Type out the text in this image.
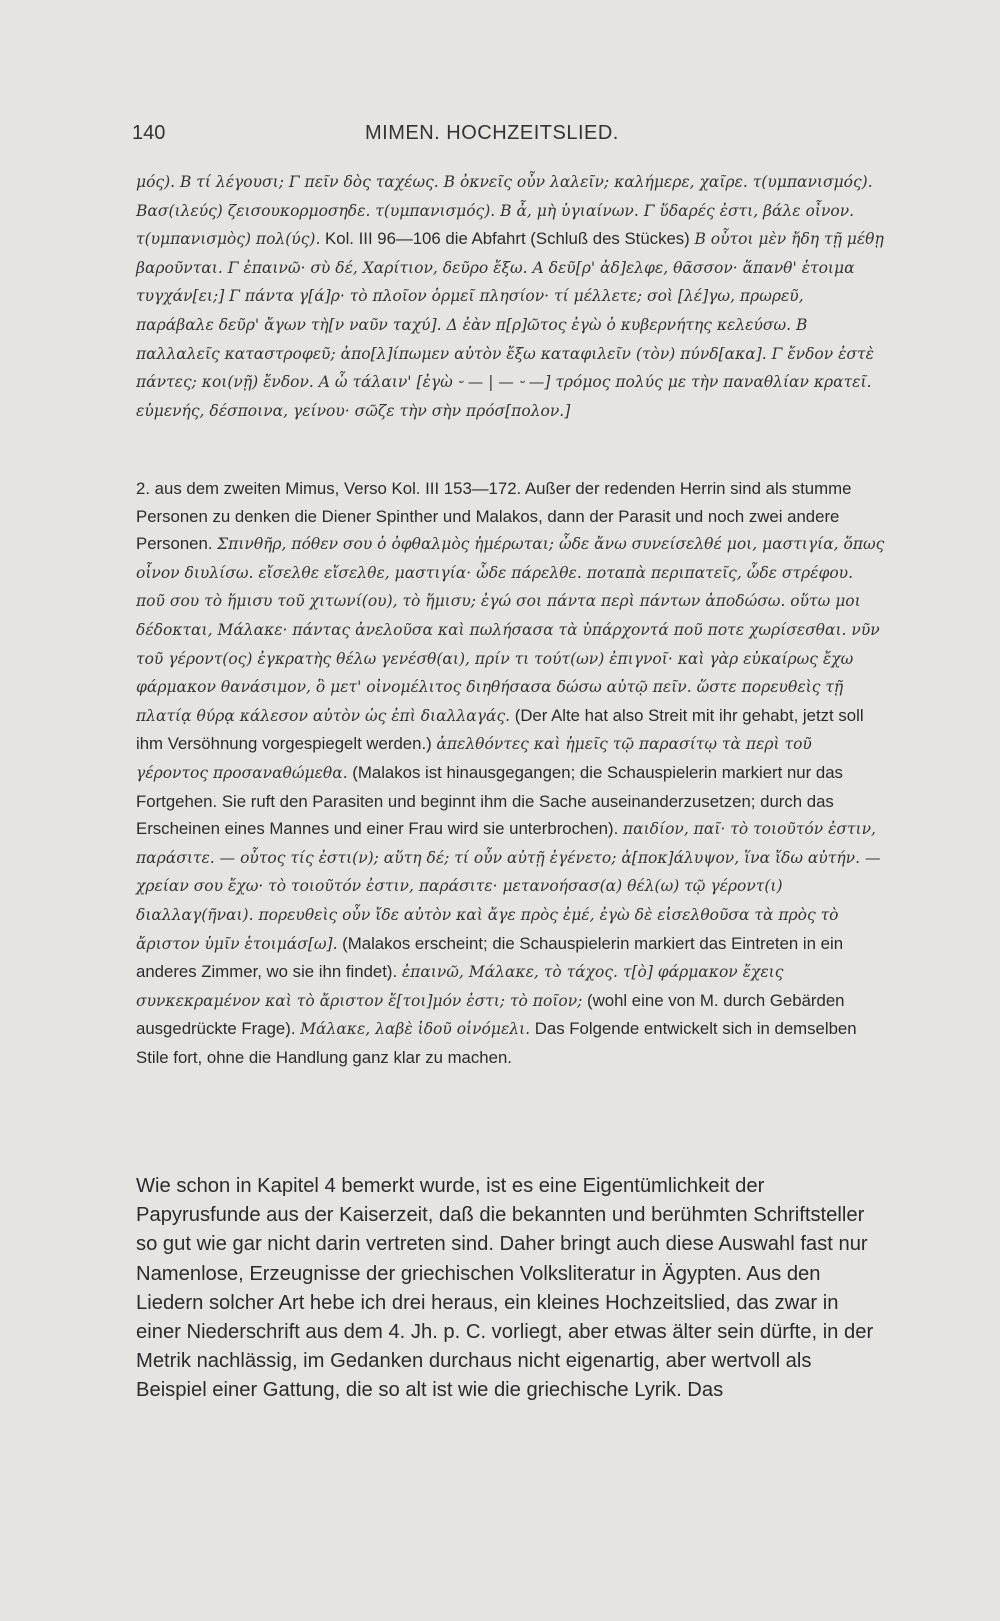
140	MIMEN. HOCHZEITSLIED.

μός). B τί λέγουσι; Γ πεῖν δὸς ταχέως. B ὀκνεῖς οὖν λαλεῖν; καλήμερε, χαῖρε. τ(υμπανισμός). Βασ(ιλεύς) ζεισουκορμοσηδε. τ(υμπανισμός). B ἆ, μὴ ὑγιαίνων. Γ ὕδαρές ἐστι, βάλε οἶνον. τ(υμπανισμὸς) πολ(ύς). Kol. III 96—106 die Abfahrt (Schluß des Stückes) B οὗτοι μὲν ἤδη τῇ μέθῃ βαροῦνται. Γ ἐπαινῶ· σὺ δέ, Χαρίτιον, δεῦρο ἔξω. A δεῦ[ρ' ἀδ]ελφε, θᾶσσον· ἅπανθ' ἑτοιμα τυγχάν[ει;] Γ πάντα γ[ά]ρ· τὸ πλοῖον ὁρμεῖ πλησίον· τί μέλλετε; σοὶ [λέ]γω, πρωρεῦ, παράβαλε δεῦρ' ἄγων τὴ[ν ναῦν ταχύ]. Δ ἐὰν π[ρ]ῶτος ἐγὼ ὁ κυβερνήτης κελεύσω. B παλλαλεῖς καταστροφεῦ; ἀπο[λ]ίπωμεν αὐτὸν ἔξω καταφιλεῖν (τὸν) πύνδ[ακα]. Γ ἔνδον ἐστὲ πάντες; κοι(νῇ) ἔνδον. A ὦ τάλαιν' [ἐγὼ ⏑ — | — ⏑ —] τρόμος πολύς με τὴν παναθλίαν κρατεῖ. εὐμενής, δέσποινα, γείνου· σῶζε τὴν σὴν πρόσ[πολον.]

2. aus dem zweiten Mimus, Verso Kol. III 153—172. Außer der redenden Herrin sind als stumme Personen zu denken die Diener Spinther und Malakos, dann der Parasit und noch zwei andere Personen. Σπινθῆρ, πόθεν σου ὁ ὀφθαλμὸς ἠμέρωται; ὧδε ἄνω συνείσελθέ μοι, μαστιγία, ὅπως οἶνον διυλίσω. εἴσελθε εἴσελθε, μαστιγία· ὧδε πάρελθε. ποταπὰ περιπατεῖς, ὧδε στρέφου. ποῦ σου τὸ ἥμισυ τοῦ χιτωνί(ου), τὸ ἥμισυ; ἐγώ σοι πάντα περὶ πάντων ἀποδώσω. οὕτω μοι δέδοκται, Μάλακε· πάντας ἀνελοῦσα καὶ πωλήσασα τὰ ὑπάρχοντά ποῦ ποτε χωρίσεσθαι. νῦν τοῦ γέροντ(ος) ἐγκρατὴς θέλω γενέσθ(αι), πρίν τι τούτ(ων) ἐπιγνοῖ· καὶ γὰρ εὐκαίρως ἔχω φάρμακον θανάσιμον, ὃ μετ' οἰνομέλιτος διηθήσασα δώσω αὐτῷ πεῖν. ὥστε πορευθεὶς τῇ πλατίᾳ θύρᾳ κάλεσον αὐτὸν ὡς ἐπὶ διαλλαγάς. (Der Alte hat also Streit mit ihr gehabt, jetzt soll ihm Versöhnung vorgespiegelt werden.) ἀπελθόντες καὶ ἡμεῖς τῷ παρασίτῳ τὰ περὶ τοῦ γέροντος προσαναθώμεθα. (Malakos ist hinausgegangen; die Schauspielerin markiert nur das Fortgehen. Sie ruft den Parasiten und beginnt ihm die Sache auseinanderzusetzen; durch das Erscheinen eines Mannes und einer Frau wird sie unterbrochen). παιδίον, παῖ· τὸ τοιοῦτόν ἐστιν, παράσιτε. — οὗτος τίς ἐστι(ν); αὕτη δέ; τί οὖν αὐτῇ ἐγένετο; ἀ[ποκ]άλυψον, ἵνα ἴδω αὐτήν. — χρείαν σου ἔχω· τὸ τοιοῦτόν ἐστιν, παράσιτε· μετανοήσασ(α) θέλ(ω) τῷ γέροντ(ι) διαλλαγ(ῆναι). πορευθεὶς οὖν ἴδε αὐτὸν καὶ ἄγε πρὸς ἐμέ, ἐγὼ δὲ εἰσελθοῦσα τὰ πρὸς τὸ ἄριστον ὑμῖν ἑτοιμάσ[ω]. (Malakos erscheint; die Schauspielerin markiert das Eintreten in ein anderes Zimmer, wo sie ihn findet). ἐπαινῶ, Μάλακε, τὸ τάχος. τ[ὸ] φάρμακον ἔχεις συνκεκραμένον καὶ τὸ ἄριστον ἔ[τοι]μόν ἐστι; τὸ ποῖον; (wohl eine von M. durch Gebärden ausgedrückte Frage). Μάλακε, λαβὲ ἰδοῦ οἰνόμελι. Das Folgende entwickelt sich in demselben Stile fort, ohne die Handlung ganz klar zu machen.

Wie schon in Kapitel 4 bemerkt wurde, ist es eine Eigentümlichkeit der Papyrusfunde aus der Kaiserzeit, daß die bekannten und berühmten Schriftsteller so gut wie gar nicht darin vertreten sind. Daher bringt auch diese Auswahl fast nur Namenlose, Erzeugnisse der griechischen Volksliteratur in Ägypten. Aus den Liedern solcher Art hebe ich drei heraus, ein kleines Hochzeitslied, das zwar in einer Niederschrift aus dem 4. Jh. p. C. vorliegt, aber etwas älter sein dürfte, in der Metrik nachlässig, im Gedanken durchaus nicht eigenartig, aber wertvoll als Beispiel einer Gattung, die so alt ist wie die griechische Lyrik. Das
